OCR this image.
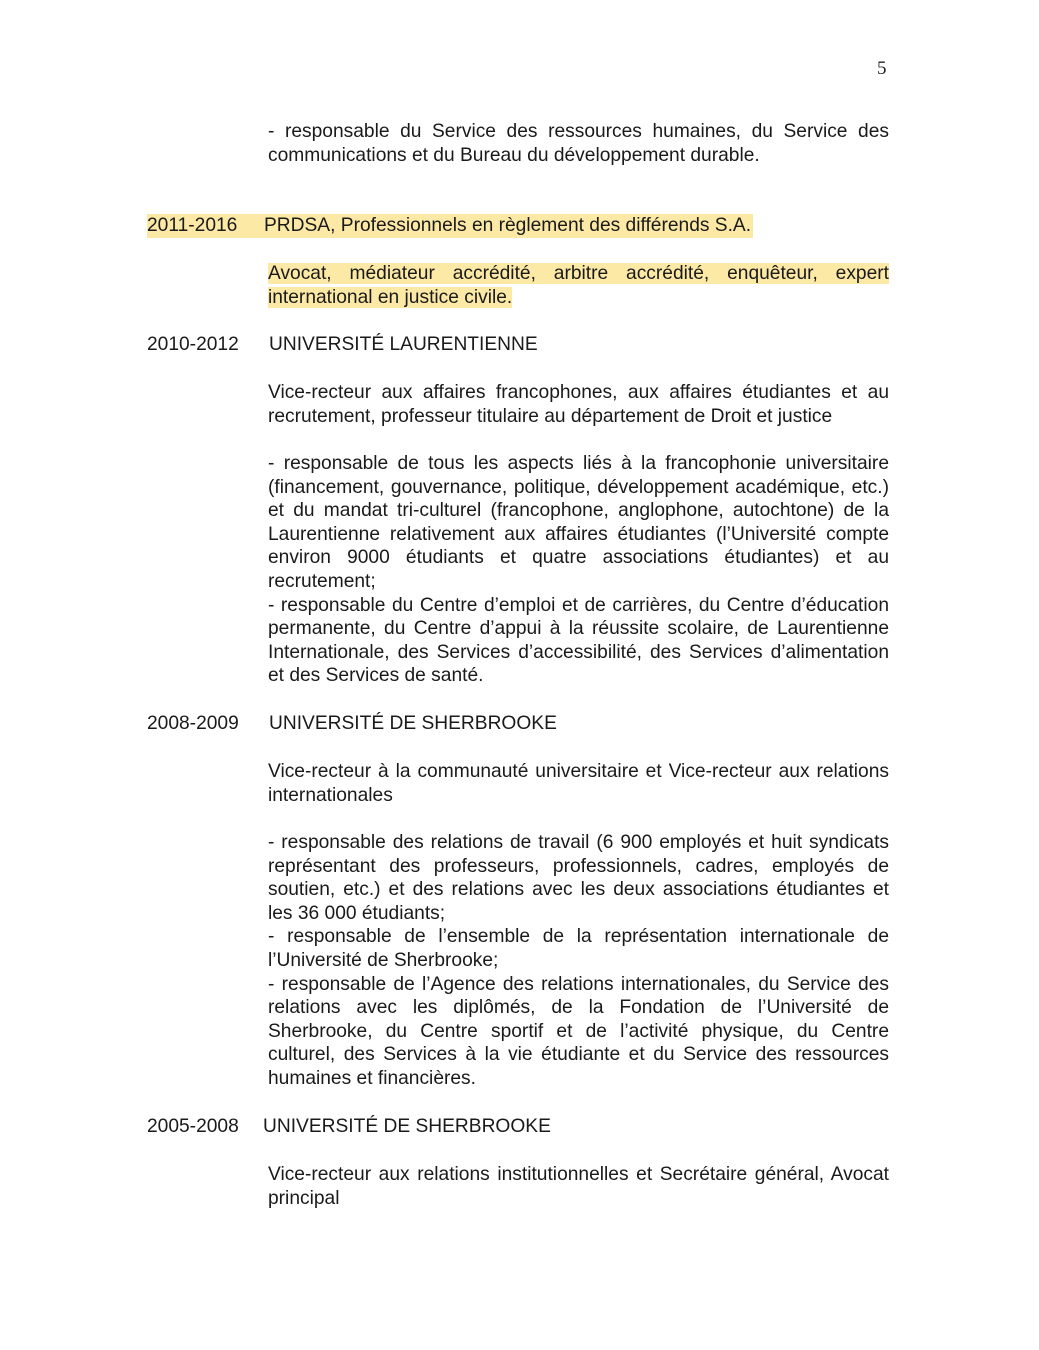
5

- responsable du Service des ressources humaines, du Service des communications et du Bureau du développement durable.

2011-2016 PRDSA, Professionnels en règlement des différends S.A.

Avocat, médiateur accrédité, arbitre accrédité, enquêteur, expert international en justice civile.

2010-2012 UNIVERSITÉ LAURENTIENNE

Vice-recteur aux affaires francophones, aux affaires étudiantes et au recrutement, professeur titulaire au département de Droit et justice

- responsable de tous les aspects liés à la francophonie universitaire (financement, gouvernance, politique, développement académique, etc.) et du mandat tri-culturel (francophone, anglophone, autochtone) de la Laurentienne relativement aux affaires étudiantes (l’Université compte environ 9000 étudiants et quatre associations étudiantes) et au recrutement;

- responsable du Centre d’emploi et de carrières, du Centre d’éducation permanente, du Centre d’appui à la réussite scolaire, de Laurentienne Internationale, des Services d’accessibilité, des Services d’alimentation et des Services de santé.

2008-2009 UNIVERSITÉ DE SHERBROOKE

Vice-recteur à la communauté universitaire et Vice-recteur aux relations internationales

- responsable des relations de travail (6 900 employés et huit syndicats représentant des professeurs, professionnels, cadres, employés de soutien, etc.) et des relations avec les deux associations étudiantes et les 36 000 étudiants;

- responsable de l’ensemble de la représentation internationale de l’Université de Sherbrooke;

- responsable de l’Agence des relations internationales, du Service des relations avec les diplômés, de la Fondation de l’Université de Sherbrooke, du Centre sportif et de l’activité physique, du Centre culturel, des Services à la vie étudiante et du Service des ressources humaines et financières.

2005-2008 UNIVERSITÉ DE SHERBROOKE

Vice-recteur aux relations institutionnelles et Secrétaire général, Avocat principal
